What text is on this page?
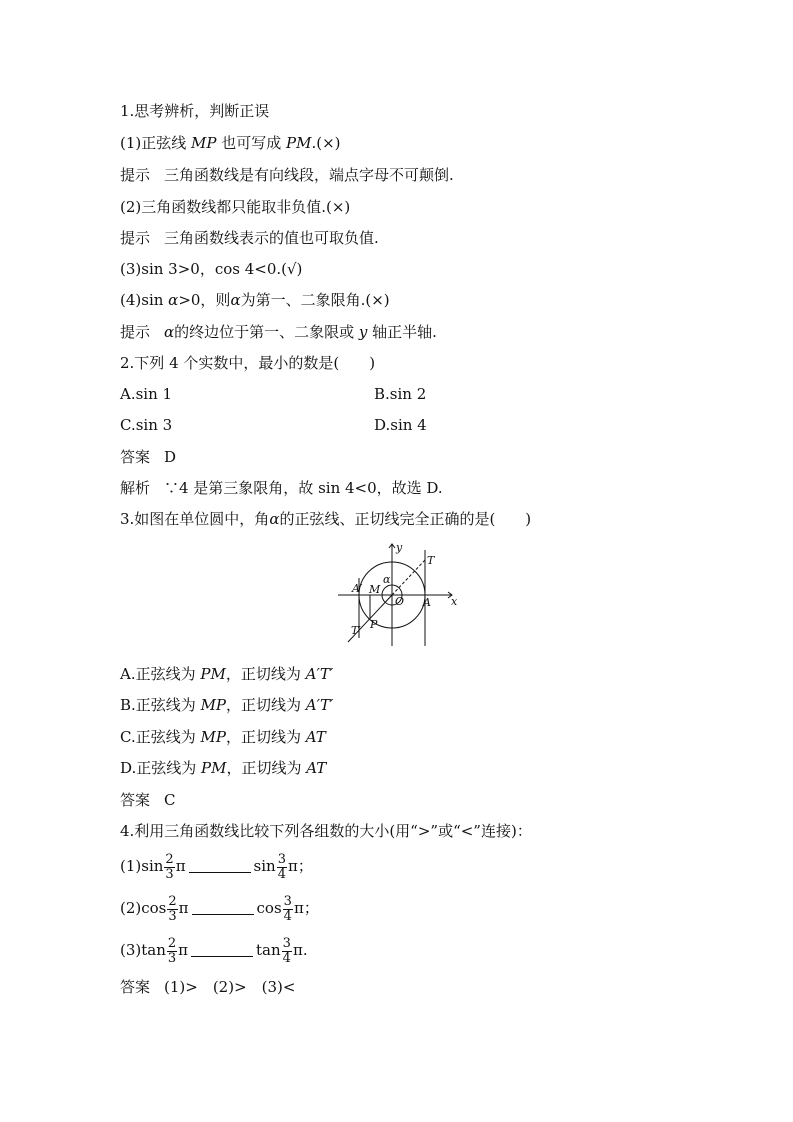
1.思考辨析，判断正误
(1)正弦线 MP 也可写成 PM.(×)
提示 三角函数线是有向线段，端点字母不可颠倒.
(2)三角函数线都只能取非负值.(×)
提示 三角函数线表示的值也可取负值.
(3)sin 3>0，cos 4<0.(√)
(4)sin α>0，则α为第一、二象限角.(×)
提示 α的终边位于第一、二象限或 y 轴正半轴.
2.下列 4 个实数中，最小的数是(　　)
A.sin 1	B.sin 2
C.sin 3	D.sin 4
答案 D
解析 ∵4 是第三象限角，故 sin 4<0，故选 D.
3.如图在单位圆中，角α的正弦线、正切线完全正确的是(　　)
y
x
α
A′ M
O A
T
T′ P
A.正弦线为 PM，正切线为 A′T′
B.正弦线为 MP，正切线为 A′T′
C.正弦线为 MP，正切线为 AT
D.正弦线为 PM，正切线为 AT
答案 C
4.利用三角函数线比较下列各组数的大小(用“>”或“<”连接)：
$(1)\sin \frac{2}{3}$ π	$\sin \frac{3}{4}$ π；
$(2)\cos \frac{2}{3}$ π	$\cos \frac{3}{4}$ π；
$(3)\tan \frac{2}{3}$ π	$\tan \frac{3}{4} \pi$.
答案 (1)>　(2)>　(3)<
